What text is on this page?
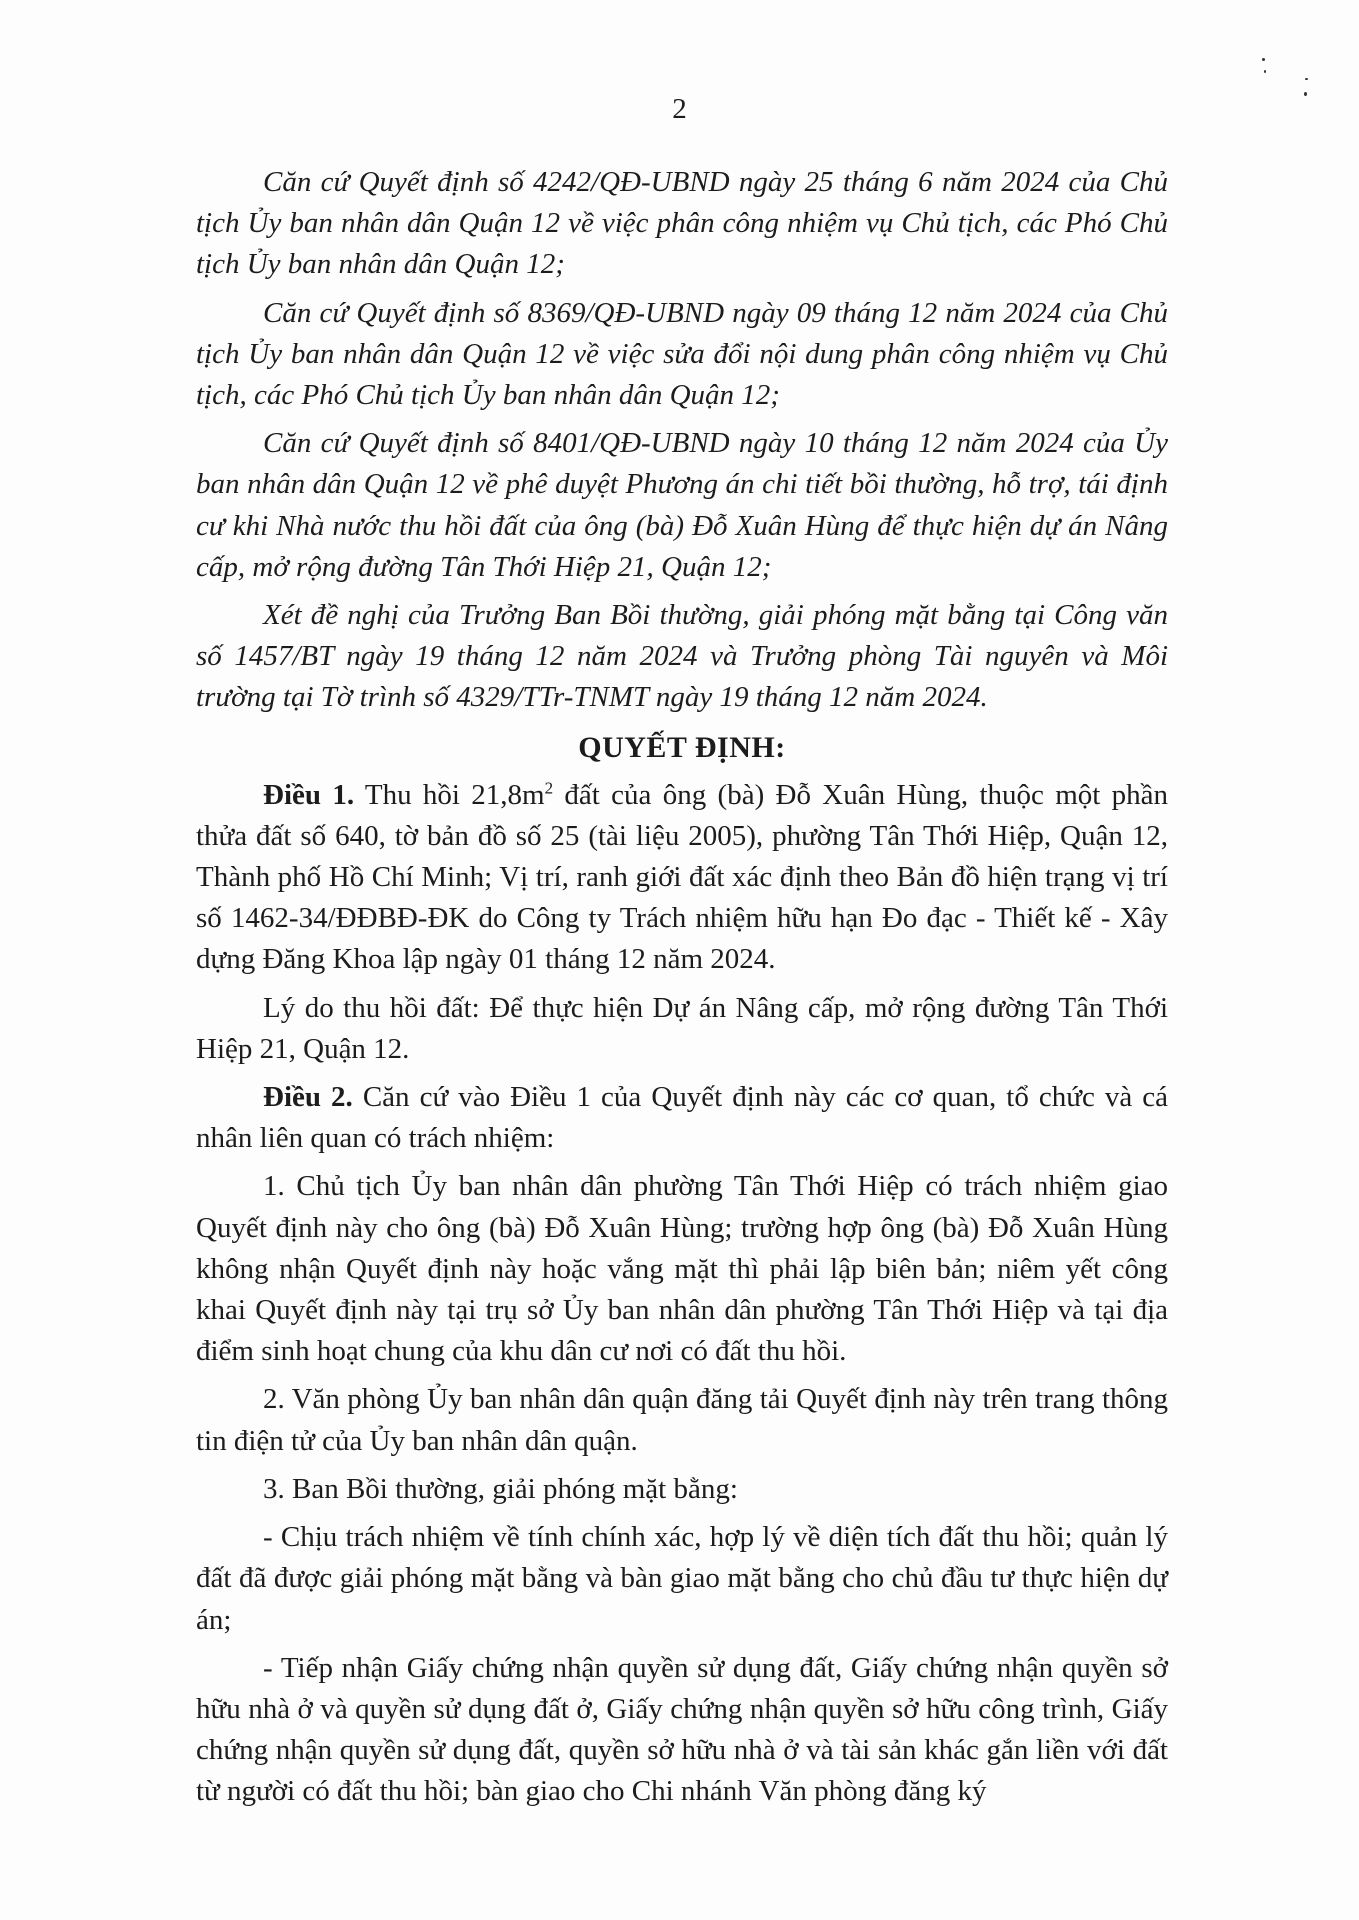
2

Căn cứ Quyết định số 4242/QĐ-UBND ngày 25 tháng 6 năm 2024 của Chủ tịch Ủy ban nhân dân Quận 12 về việc phân công nhiệm vụ Chủ tịch, các Phó Chủ tịch Ủy ban nhân dân Quận 12;

Căn cứ Quyết định số 8369/QĐ-UBND ngày 09 tháng 12 năm 2024 của Chủ tịch Ủy ban nhân dân Quận 12 về việc sửa đổi nội dung phân công nhiệm vụ Chủ tịch, các Phó Chủ tịch Ủy ban nhân dân Quận 12;

Căn cứ Quyết định số 8401/QĐ-UBND ngày 10 tháng 12 năm 2024 của Ủy ban nhân dân Quận 12 về phê duyệt Phương án chi tiết bồi thường, hỗ trợ, tái định cư khi Nhà nước thu hồi đất của ông (bà) Đỗ Xuân Hùng để thực hiện dự án Nâng cấp, mở rộng đường Tân Thới Hiệp 21, Quận 12;

Xét đề nghị của Trưởng Ban Bồi thường, giải phóng mặt bằng tại Công văn số 1457/BT ngày 19 tháng 12 năm 2024 và Trưởng phòng Tài nguyên và Môi trường tại Tờ trình số 4329/TTr-TNMT ngày 19 tháng 12 năm 2024.

QUYẾT ĐỊNH:

Điều 1. Thu hồi $21,8m^2$ đất của ông (bà) Đỗ Xuân Hùng, thuộc một phần thửa đất số 640, tờ bản đồ số 25 (tài liệu 2005), phường Tân Thới Hiệp, Quận 12, Thành phố Hồ Chí Minh; Vị trí, ranh giới đất xác định theo Bản đồ hiện trạng vị trí số 1462-34/ĐĐBĐ-ĐK do Công ty Trách nhiệm hữu hạn Đo đạc - Thiết kế - Xây dựng Đăng Khoa lập ngày 01 tháng 12 năm 2024.

Lý do thu hồi đất: Để thực hiện Dự án Nâng cấp, mở rộng đường Tân Thới Hiệp 21, Quận 12.

Điều 2. Căn cứ vào Điều 1 của Quyết định này các cơ quan, tổ chức và cá nhân liên quan có trách nhiệm:

1. Chủ tịch Ủy ban nhân dân phường Tân Thới Hiệp có trách nhiệm giao Quyết định này cho ông (bà) Đỗ Xuân Hùng; trường hợp ông (bà) Đỗ Xuân Hùng không nhận Quyết định này hoặc vắng mặt thì phải lập biên bản; niêm yết công khai Quyết định này tại trụ sở Ủy ban nhân dân phường Tân Thới Hiệp và tại địa điểm sinh hoạt chung của khu dân cư nơi có đất thu hồi.

2. Văn phòng Ủy ban nhân dân quận đăng tải Quyết định này trên trang thông tin điện tử của Ủy ban nhân dân quận.

3. Ban Bồi thường, giải phóng mặt bằng:

- Chịu trách nhiệm về tính chính xác, hợp lý về diện tích đất thu hồi; quản lý đất đã được giải phóng mặt bằng và bàn giao mặt bằng cho chủ đầu tư thực hiện dự án;

- Tiếp nhận Giấy chứng nhận quyền sử dụng đất, Giấy chứng nhận quyền sở hữu nhà ở và quyền sử dụng đất ở, Giấy chứng nhận quyền sở hữu công trình, Giấy chứng nhận quyền sử dụng đất, quyền sở hữu nhà ở và tài sản khác gắn liền với đất từ người có đất thu hồi; bàn giao cho Chi nhánh Văn phòng đăng ký
